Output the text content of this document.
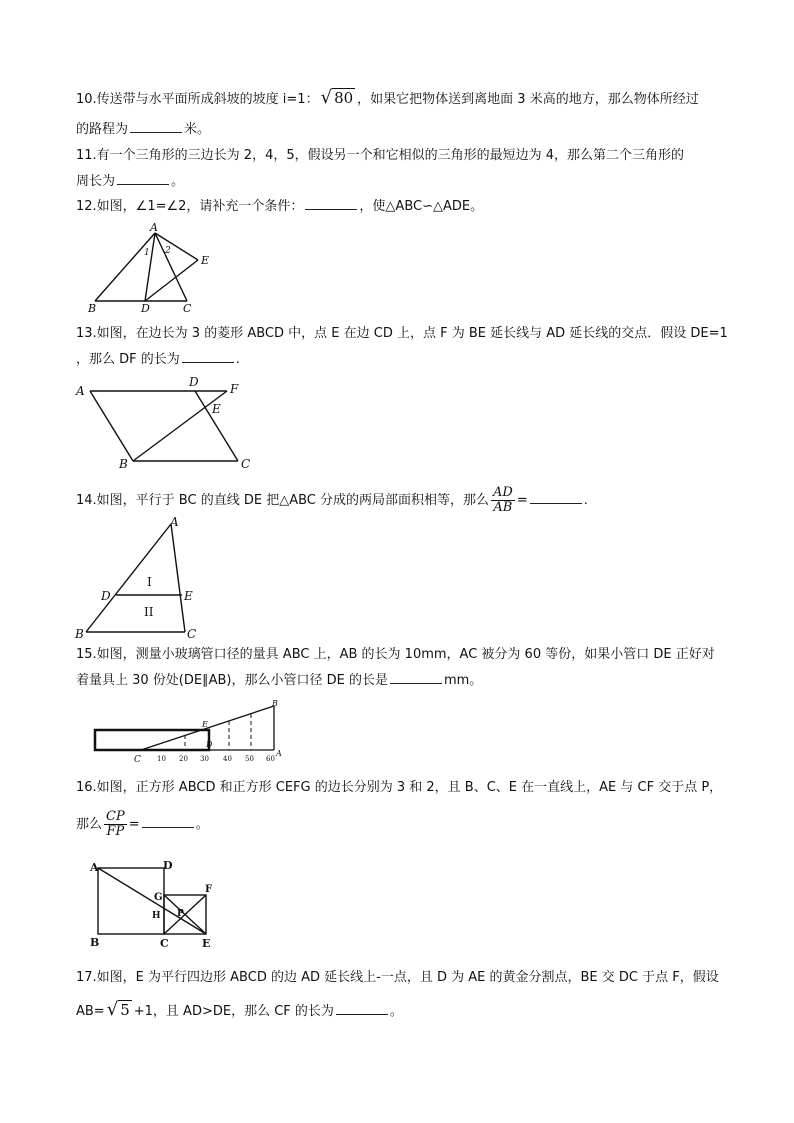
10.传送带与水平面所成斜坡的坡度 i=1： √ 80 ，如果它把物体送到离地面 3 米高的地方，那么物体所经过
的路程为	米。
11.有一个三角形的三边长为 2，4，5，假设另一个和它相似的三角形的最短边为 4，那么第二个三角形的
周长为	。
12.如图，∠1=∠2，请补充一个条件：	，使△ABC∽△ADE。
A
B	D	C
E
1 2
13.如图，在边长为 3 的菱形 ABCD 中，点 E 在边 CD 上，点 F 为 BE 延长线与 AD 延长线的交点．假设 DE=1
，那么 DF 的长为	.
A
D	F
E
B	C
14.如图，平行于 BC 的直线 DE 把△ABC 分成的两局部面积相等，那么 $\frac{AD}{AB}$ =	.
A
D	E
B	C
I
II
15.如图，测量小玻璃管口径的量具 ABC 上，AB 的长为 10mm，AC 被分为 60 等份，如果小管口 DE 正好对
着量具上 30 份处(DE∥AB)，那么小管口径 DE 的长是	mm。
C
E
D
B
A
10 20 30 40 50 60
16.如图，正方形 ABCD 和正方形 CEFG 的边长分别为 3 和 2，且 B、C、E 在一直线上，AE 与 CF 交于点 P，
那么 $\frac{CP}{FP}$ =	。
A	D
G
F
H P
B	C	E
17.如图，E 为平行四边形 ABCD 的边 AD 延长线上-一点，且 D 为 AE 的黄金分割点，BE 交 DC 于点 F，假设
AB= √ 5 +1，且 AD>DE，那么 CF 的长为	。
